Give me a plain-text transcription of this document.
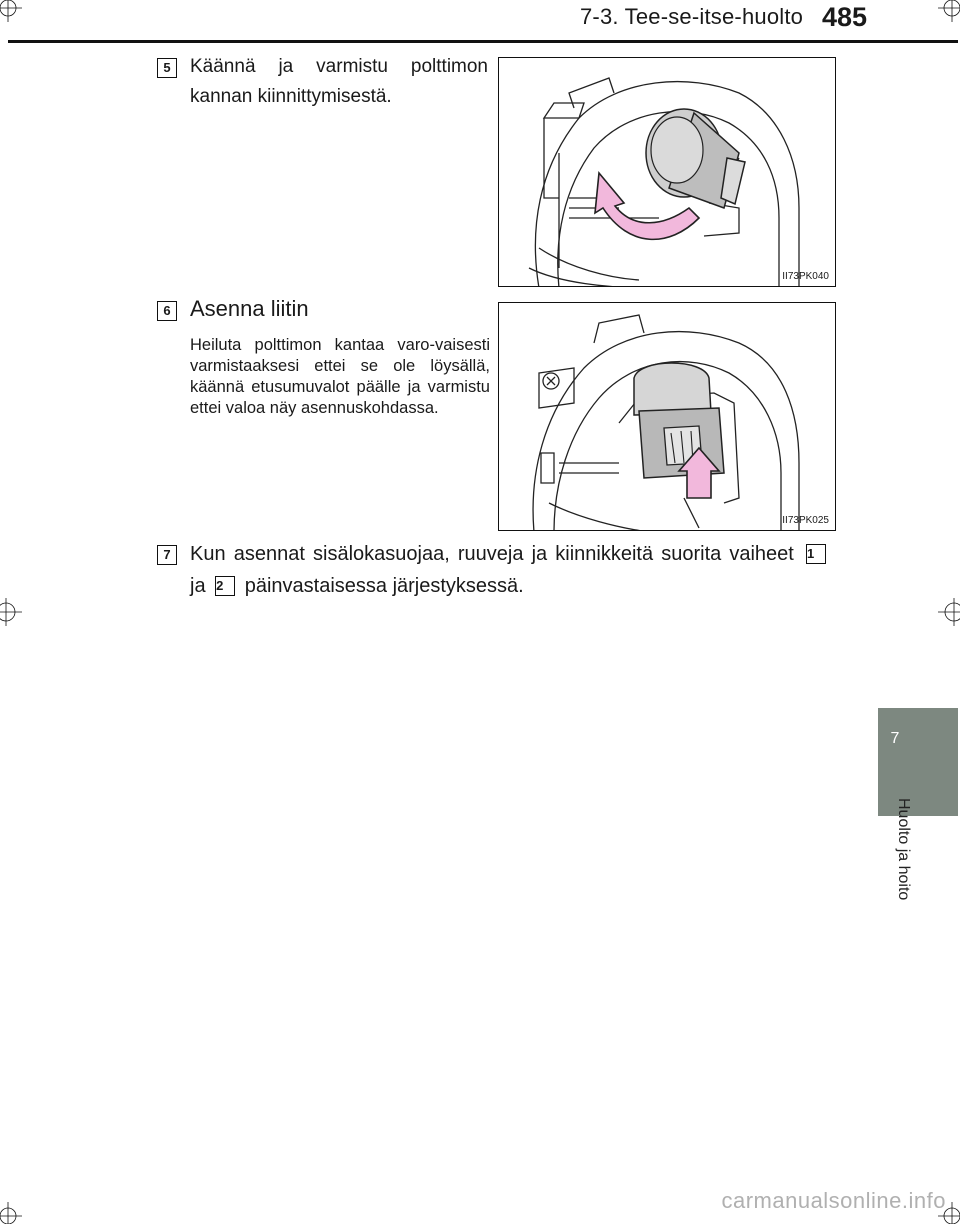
7-3. Tee-se-itse-huolto 485
5	Käännä ja varmistu polttimon kannan kiinnittymisestä.
II73PK040
6 Asenna liitin
Heiluta polttimon kantaa varo-vaisesti varmistaaksesi ettei se ole löysällä, käännä etusumuvalot päälle ja varmistu ettei valoa näy asennuskohdassa.
II73PK025
7 Kun asennat sisälokasuojaa, ruuveja ja kiinnikkeitä suorita vaiheet 1 ja 2 päinvastaisessa järjestyksessä.
7
Huolto ja hoito
carmanualsonline.info
